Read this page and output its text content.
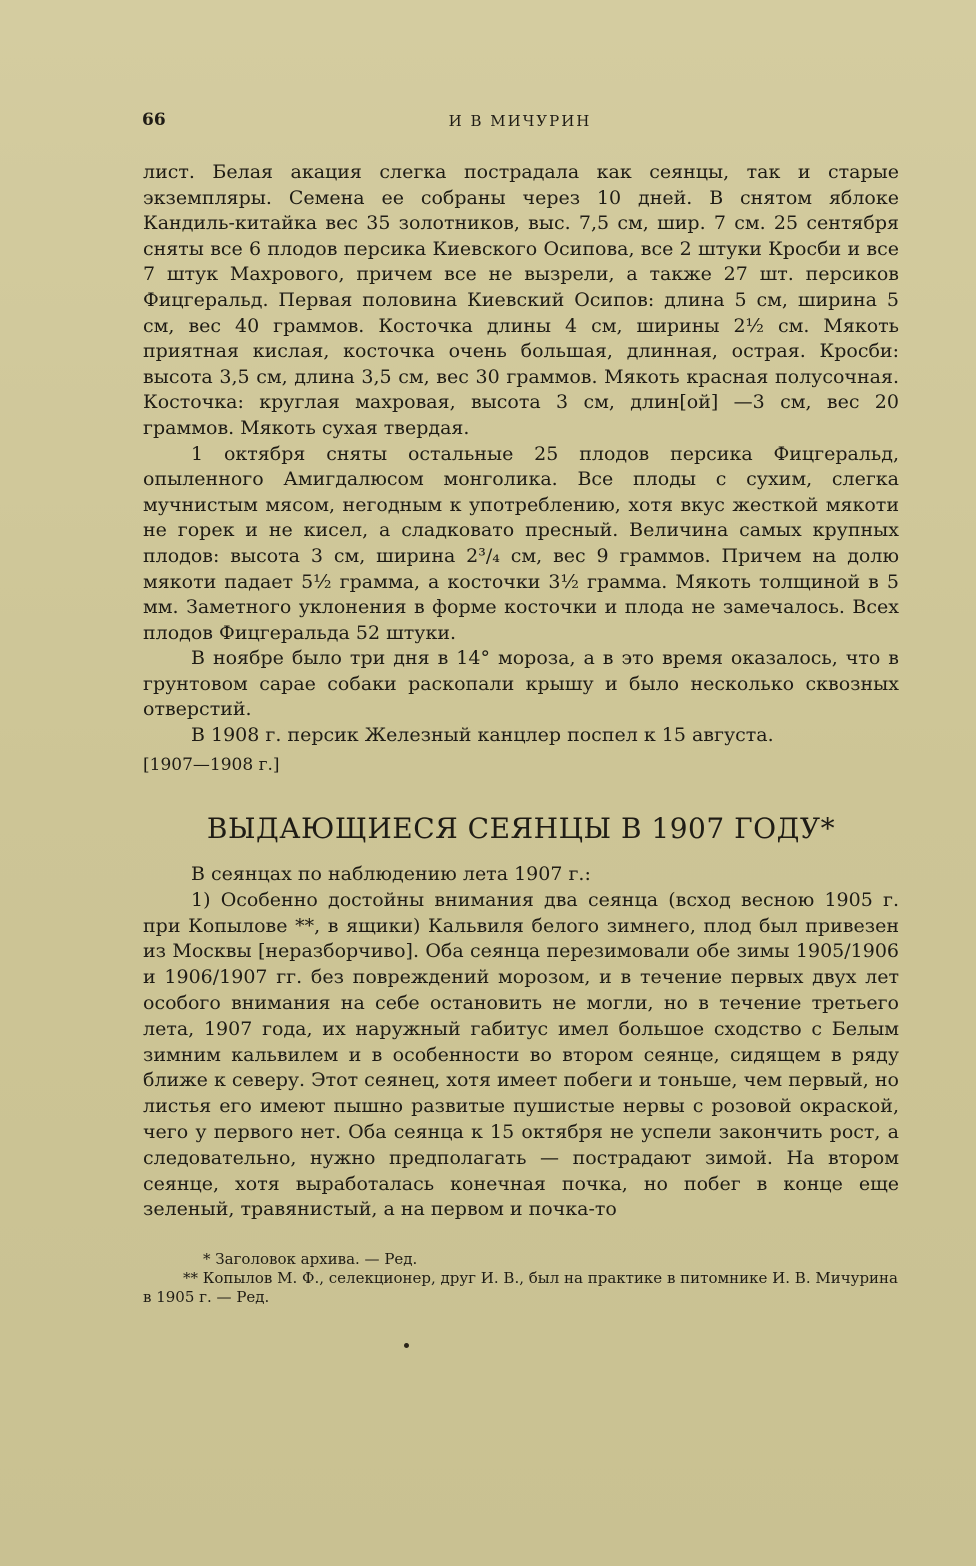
66	И В МИЧУРИН

лист. Белая акация слегка пострадала как сеянцы, так и старые экземпляры. Семена ее собраны через 10 дней. В снятом яблоке Кандиль-китайка вес 35 золотников, выс. 7,5 см, шир. 7 см. 25 сентября сняты все 6 плодов персика Киевского Осипова, все 2 штуки Кросби и все 7 штук Махрового, причем все не вызрели, а также 27 шт. персиков Фицгеральд. Первая половина Киевский Осипов: длина 5 см, ширина 5 см, вес 40 граммов. Косточка длины 4 см, ширины 2½ см. Мякоть приятная кислая, косточка очень большая, длинная, острая. Кросби: высота 3,5 см, длина 3,5 см, вес 30 граммов. Мякоть красная полусочная. Косточка: круглая махровая, высота 3 см, длин[ой] —3 см, вес 20 граммов. Мякоть сухая твердая.

1 октября сняты остальные 25 плодов персика Фицгеральд, опыленного Амигдалюсом монголика. Все плоды с сухим, слегка мучнистым мясом, негодным к употреблению, хотя вкус жесткой мякоти не горек и не кисел, а сладковато пресный. Величина самых крупных плодов: высота 3 см, ширина 2³/₄ см, вес 9 граммов. Причем на долю мякоти падает 5½ грамма, а косточки 3½ грамма. Мякоть толщиной в 5 мм. Заметного уклонения в форме косточки и плода не замечалось. Всех плодов Фицгеральда 52 штуки.

В ноябре было три дня в 14° мороза, а в это время оказалось, что в грунтовом сарае собаки раскопали крышу и было несколько сквозных отверстий.

В 1908 г. персик Железный канцлер поспел к 15 августа.

[1907—1908 г.]

ВЫДАЮЩИЕСЯ СЕЯНЦЫ В 1907 ГОДУ*

В сеянцах по наблюдению лета 1907 г.:

1) Особенно достойны внимания два сеянца (всход весною 1905 г. при Копылове **, в ящики) Кальвиля белого зимнего, плод был привезен из Москвы [неразборчиво]. Оба сеянца перезимовали обе зимы 1905/1906 и 1906/1907 гг. без повреждений морозом, и в течение первых двух лет особого внимания на себе остановить не могли, но в течение третьего лета, 1907 года, их наружный габитус имел большое сходство с Белым зимним кальвилем и в особенности во втором сеянце, сидящем в ряду ближе к северу. Этот сеянец, хотя имеет побеги и тоньше, чем первый, но листья его имеют пышно развитые пушистые нервы с розовой окраской, чего у первого нет. Оба сеянца к 15 октября не успели закончить рост, а следовательно, нужно предполагать — пострадают зимой. На втором сеянце, хотя выработалась конечная почка, но побег в конце еще зеленый, травянистый, а на первом и почка-то

* Заголовок архива. — Ред.

** Копылов М. Ф., селекционер, друг И. В., был на практике в питомнике И. В. Мичурина в 1905 г. — Ред.
